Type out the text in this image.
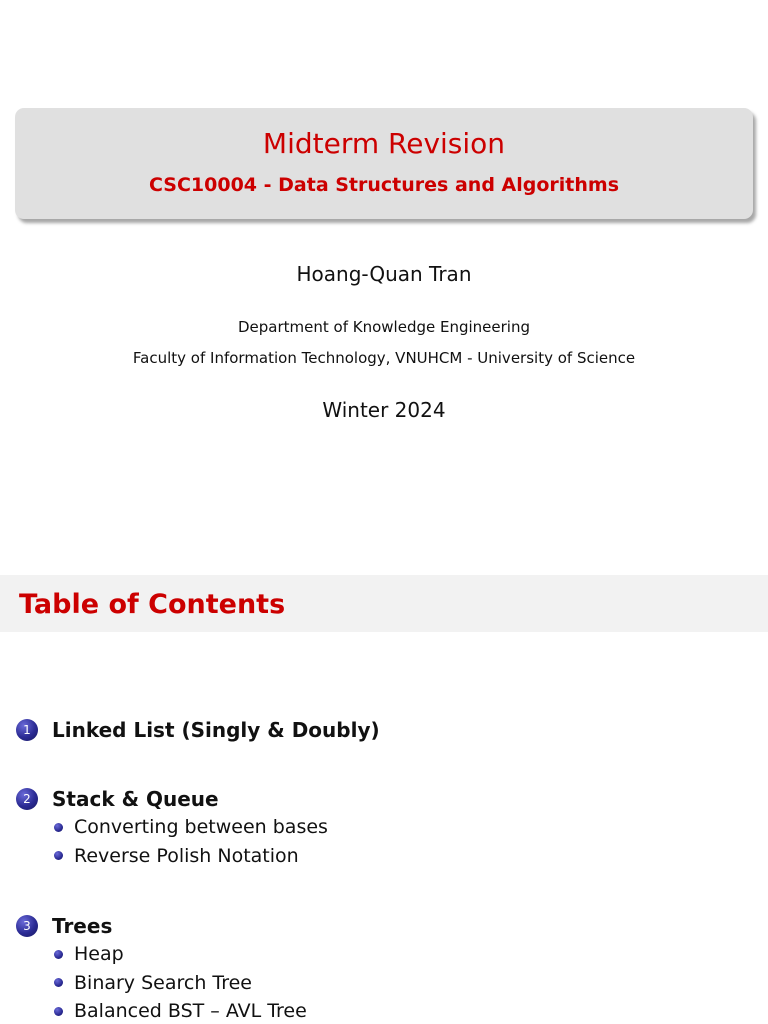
Midterm Revision
CSC10004 - Data Structures and Algorithms
Hoang-Quan Tran
Department of Knowledge Engineering
Faculty of Information Technology, VNUHCM - University of Science
Winter 2024
Table of Contents
1	Linked List (Singly & Doubly)
2	Stack & Queue
Converting between bases
Reverse Polish Notation
3	Trees
Heap
Binary Search Tree
Balanced BST – AVL Tree
